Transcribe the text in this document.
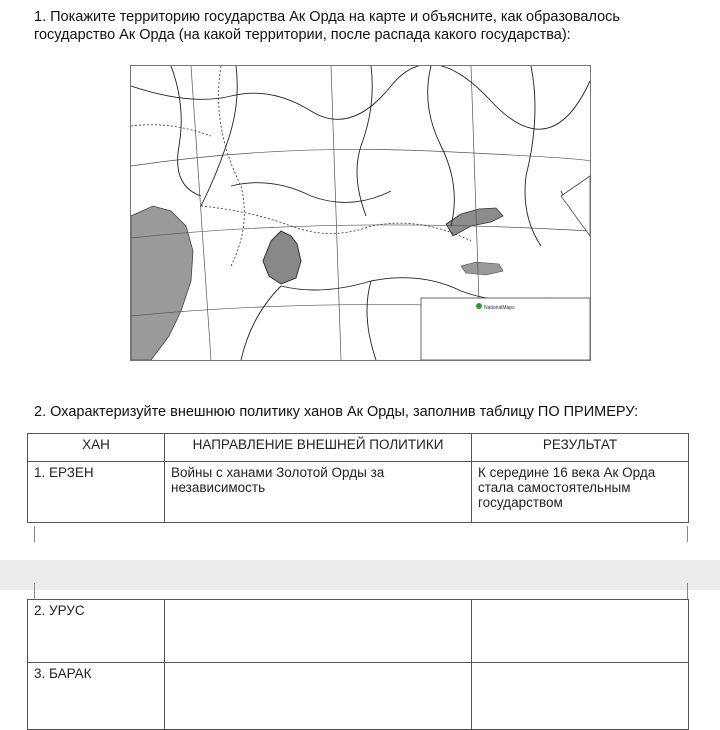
1. Покажите территорию государства Ак Орда на карте и объясните, как образовалось государство Ак Орда (на какой территории, после распада какого государства):
NationalMaps
2. Охарактеризуйте внешнюю политику ханов Ак Орды, заполнив таблицу ПО ПРИМЕРУ:
ХАН	НАПРАВЛЕНИЕ ВНЕШНЕЙ ПОЛИТИКИ	РЕЗУЛЬТАТ
1. ЕРЗЕН	Войны с ханами Золотой Орды за независимость	К середине 16 века Ак Орда стала самостоятельным государством
2. УРУС		
3. БАРАК		
